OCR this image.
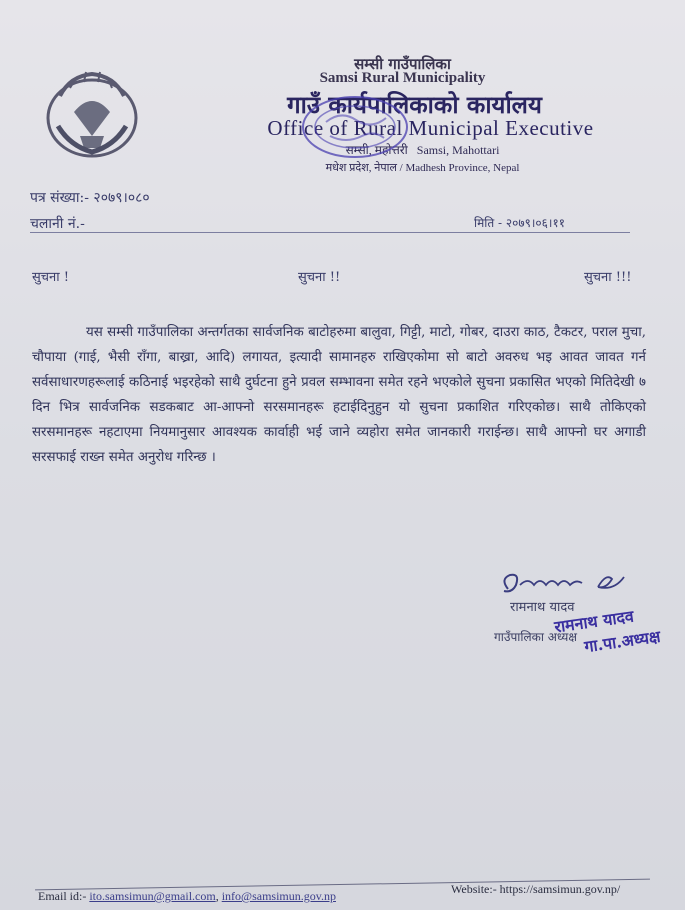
सम्सी गाउँपालिका
Samsi Rural Municipality
गाउँ कार्यपालिकाको कार्यालय
Office of Rural Municipal Executive
सम्सी, महोत्तरी Samsi, Mahottari
मधेश प्रदेश, नेपाल / Madhesh Province, Nepal
पत्र संख्या:- २०७९।०८०
चलानी नं.-	मिति - २०७९।०६।११
सुचना !	सुचना !!	सुचना !!!
यस सम्सी गाउँपालिका अन्तर्गतका सार्वजनिक बाटोहरुमा बालुवा, गिट्टी, माटो, गोबर, दाउरा काठ, टैकटर, पराल मुचा, चौपाया (गाई, भैसी राँगा, बाख्रा, आदि) लगायत, इत्यादी सामानहरु राखिएकोमा सो बाटो अवरुध भइ आवत जावत गर्न सर्वसाधारणहरूलाई कठिनाई भइरहेको साथै दुर्घटना हुने प्रवल सम्भावना समेत रहने भएकोले सुचना प्रकासित भएको मितिदेखी ७ दिन भित्र सार्वजनिक सडकबाट आ-आफ्नो सरसमानहरू हटाईदिनुहुन यो सुचना प्रकाशित गरिएकोछ। साथै तोकिएको सरसमानहरू नहटाएमा नियमानुसार आवश्यक कार्वाही भई जाने व्यहोरा समेत जानकारी गराईन्छ। साथै आफ्नो घर अगाडी सरसफाई राख्न समेत अनुरोध गरिन्छ ।
रामनाथ यादव
गाउँपालिका अध्यक्ष
रामनाथ यादव
गा.पा.अध्यक्ष
Email id:- ito.samsimun@gmail.com, info@samsimun.gov.np	Website:- https://samsimun.gov.np/
